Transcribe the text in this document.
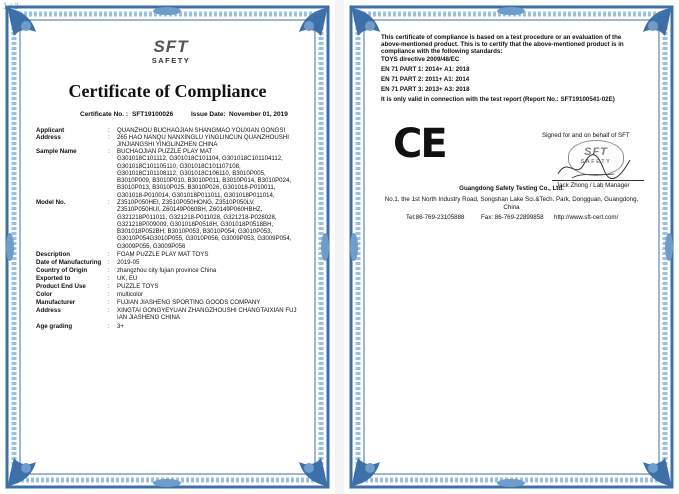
1 / 2
SFT
SAFETY
Certificate of Compliance
Certificate No. : SFT19100026	Issue Date: November 01, 2019
Applicant	: QUANZHOU BUCHAOJIAN SHANGMAO YOUXIAN GONGSI
Address	: 265 HAO NANQU NANXINGLU YINGLINCUN QUANZHOUSHI
JINJIANGSHI YINGLINZHEN CHINA
Sample Name	: BUCHAOJIAN PUZZLE PLAY MAT
G301018C101112, G301018C101104, G301018C101104112,
G301018C101105110, G301018C101107108,
G301018C101108112, G301018C106110, B3010P005,
B3010P009, B3010P010, B3010P011, B3010P014, B3010P024,
B3010P013, B3010P025, B3010P026, G301018-P010011,
G301018-P010014, G301018P011011, G301018P011014,
Model No.	: Z3510P050HEI, Z3510P050HONG, Z3510P050LV,
Z3510P050HUI, Z60149P060BH, Z60149P060HBHZ,
G321218P011011, G321218-P011028, G321218-P028028,
G321218P009009, G301018P0518H, G301018P0518BH,
B301018P052BH, B3010P053, B3010P054, G3010P053,
G3010P054G3010P055, G3010P056, G3009P053, G3009P054,
G3009P055, G3009P056
Description	: FOAM PUZZLE PLAY MAT TOYS
Date of Manufacturing : 2019-05
Country of Origin	: zhangzhou city fujian province China
Exported to	: UK, EU
Product End Use	: PUZZLE TOYS
Color	: multicolor
Manufacturer	: FUJIAN JIASHENG SPORTING GOODS COMPANY
Address	: XINGTAI GONGYEYUAN ZHANGZHOUSHI CHANGTAIXIAN FUJ
IAN JIASHENG CHINA
Age grading	: 3+
This certificate of compliance is based on a test procedure or an evaluation of the
above-mentioned product. This is to certify that the above-mentioned product is in
compliance with the following standards:
TOYS directive 2009/48/EC
EN 71 PART 1: 2014+ A1: 2018
EN 71 PART 2: 2011+ A1: 2014
EN 71 PART 3: 2013+ A3: 2018
It is only valid in connection with the test report (Report No.: SFT19100541-02E)
CE	Signed for and on behalf of SFT
SFT
SAFETY
Jack Zhong / Lab Manager
Guangdong Safety Testing Co., Ltd.
No.1, the 1st North Industry Road, Songshan Lake Sci.&Tech. Park, Dongguan, Guangdong,
China
Tel:86-769-23105888	Fax: 86-769-22899858 http://www.sft-cert.com/
